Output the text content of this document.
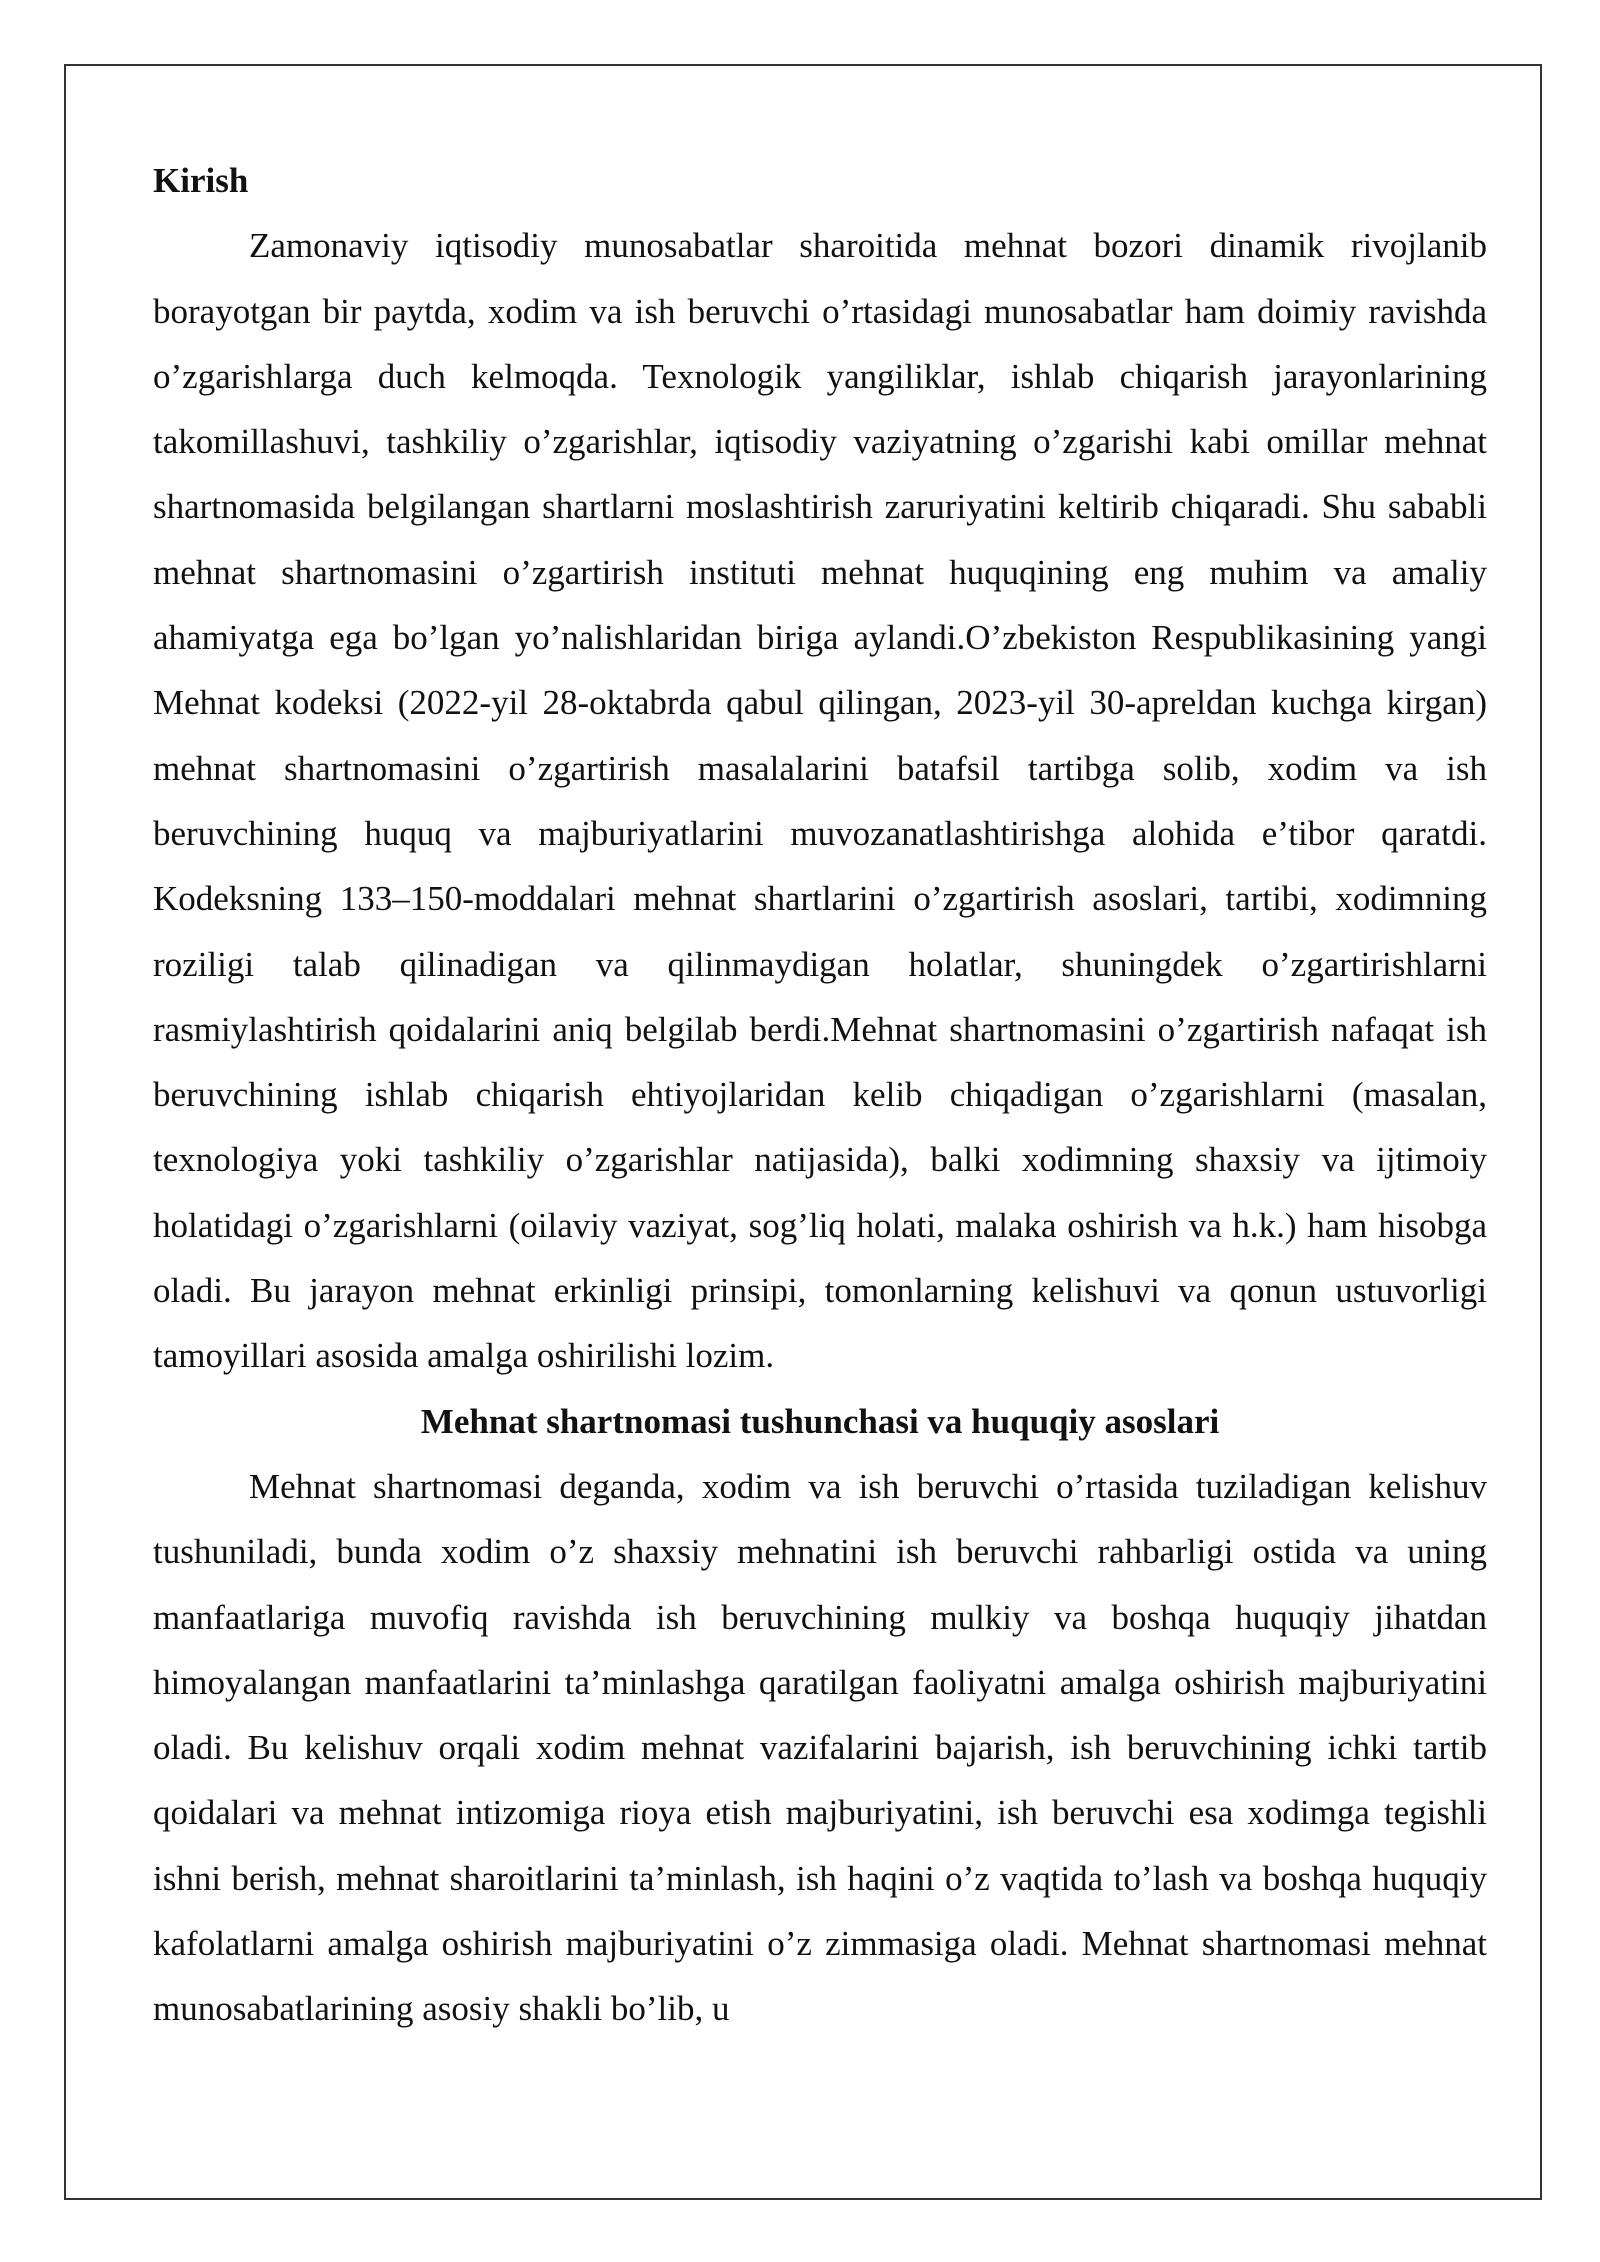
Kirish

Zamonaviy iqtisodiy munosabatlar sharoitida mehnat bozori dinamik rivojlanib borayotgan bir paytda, xodim va ish beruvchi o’rtasidagi munosabatlar ham doimiy ravishda o’zgarishlarga duch kelmoqda. Texnologik yangiliklar, ishlab chiqarish jarayonlarining takomillashuvi, tashkiliy o’zgarishlar, iqtisodiy vaziyatning o’zgarishi kabi omillar mehnat shartnomasida belgilangan shartlarni moslashtirish zaruriyatini keltirib chiqaradi. Shu sababli mehnat shartnomasini o’zgartirish instituti mehnat huquqining eng muhim va amaliy ahamiyatga ega bo’lgan yo’nalishlaridan biriga aylandi.O’zbekiston Respublikasining yangi Mehnat kodeksi (2022-yil 28-oktabrda qabul qilingan, 2023-yil 30-apreldan kuchga kirgan) mehnat shartnomasini o’zgartirish masalalarini batafsil tartibga solib, xodim va ish beruvchining huquq va majburiyatlarini muvozanatlashtirishga alohida e’tibor qaratdi. Kodeksning 133–150-moddalari mehnat shartlarini o’zgartirish asoslari, tartibi, xodimning roziligi talab qilinadigan va qilinmaydigan holatlar, shuningdek o’zgartirishlarni rasmiylashtirish qoidalarini aniq belgilab berdi.Mehnat shartnomasini o’zgartirish nafaqat ish beruvchining ishlab chiqarish ehtiyojlaridan kelib chiqadigan o’zgarishlarni (masalan, texnologiya yoki tashkiliy o’zgarishlar natijasida), balki xodimning shaxsiy va ijtimoiy holatidagi o’zgarishlarni (oilaviy vaziyat, sog’liq holati, malaka oshirish va h.k.) ham hisobga oladi. Bu jarayon mehnat erkinligi prinsipi, tomonlarning kelishuvi va qonun ustuvorligi tamoyillari asosida amalga oshirilishi lozim.

Mehnat shartnomasi tushunchasi va huquqiy asoslari

Mehnat shartnomasi deganda, xodim va ish beruvchi o’rtasida tuziladigan kelishuv tushuniladi, bunda xodim o’z shaxsiy mehnatini ish beruvchi rahbarligi ostida va uning manfaatlariga muvofiq ravishda ish beruvchining mulkiy va boshqa huquqiy jihatdan himoyalangan manfaatlarini ta’minlashga qaratilgan faoliyatni amalga oshirish majburiyatini oladi. Bu kelishuv orqali xodim mehnat vazifalarini bajarish, ish beruvchining ichki tartib qoidalari va mehnat intizomiga rioya etish majburiyatini, ish beruvchi esa xodimga tegishli ishni berish, mehnat sharoitlarini ta’minlash, ish haqini o’z vaqtida to’lash va boshqa huquqiy kafolatlarni amalga oshirish majburiyatini o’z zimmasiga oladi. Mehnat shartnomasi mehnat munosabatlarining asosiy shakli bo’lib, u
